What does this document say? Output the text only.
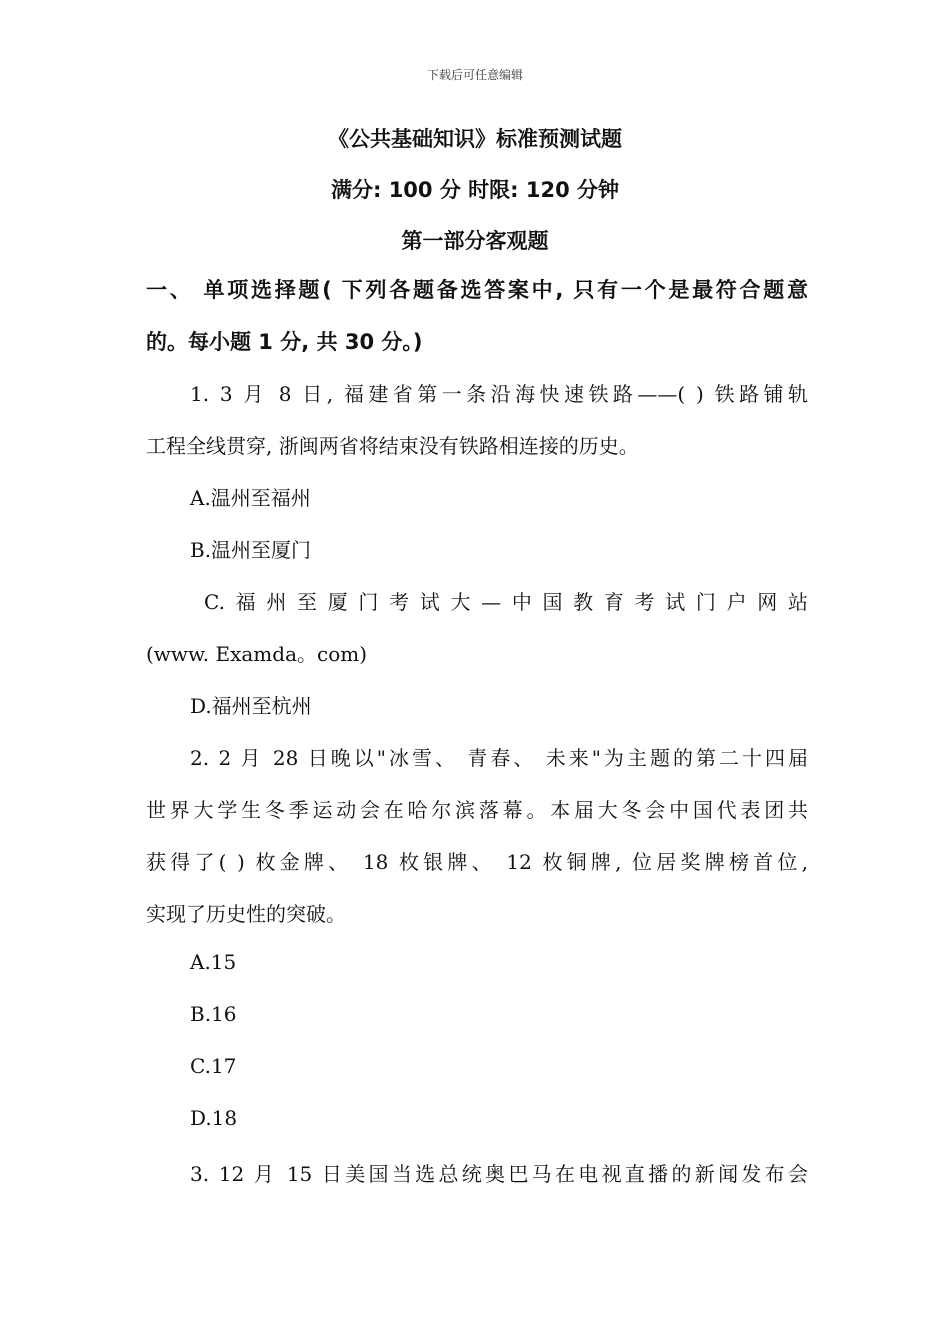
下载后可任意编辑
《公共基础知识》标准预测试题
满分: 100 分 时限: 120 分钟
第一部分客观题
一、 单项选择题( 下列各题备选答案中, 只有一个是最符合题意
的。每小题 1 分, 共 30 分。)
1. 3 月 8 日, 福建省第一条沿海快速铁路——( ) 铁路铺轨
工程全线贯穿, 浙闽两省将结束没有铁路相连接的历史。
A.温州至福州
B.温州至厦门
C.福州至厦门考试大—中国教育考试门户网站
(www. Examda。com)
D.福州至杭州
2. 2 月 28 日晚以"冰雪、 青春、 未来"为主题的第二十四届
世界大学生冬季运动会在哈尔滨落幕。本届大冬会中国代表团共
获得了( ) 枚金牌、 18 枚银牌、 12 枚铜牌, 位居奖牌榜首位,
实现了历史性的突破。
A.15
B.16
C.17
D.18
3. 12 月 15 日美国当选总统奥巴马在电视直播的新闻发布会
